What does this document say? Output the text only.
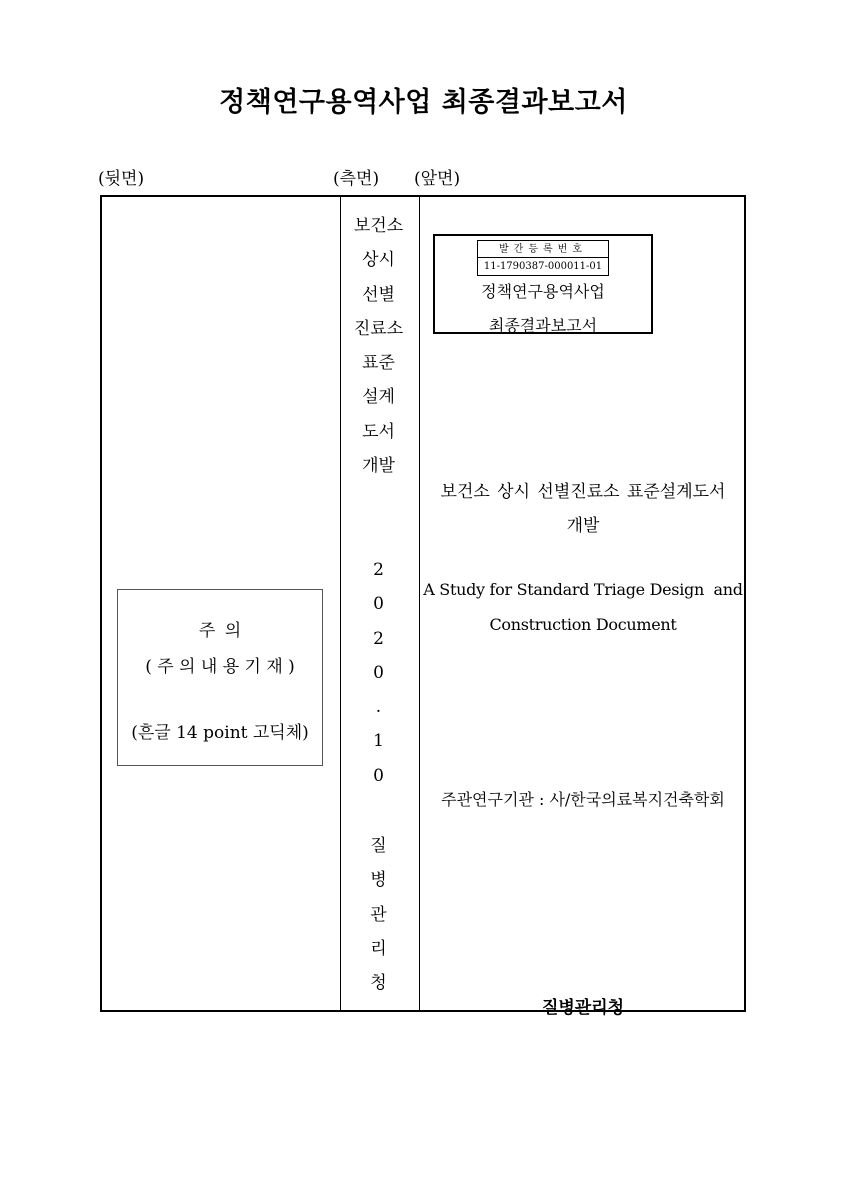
정책연구용역사업 최종결과보고서
(뒷면)	(측면) (앞면)
주 의
( 주 의 내 용 기 재 )
(흔글 14 point 고딕체)
보건소
상시
선별
진료소
표준
설계
도서
개발
2
0
2
0
.
1
0
질
병
관
리
청
발간등록번호
11-1790387-000011-01
정책연구용역사업
최종결과보고서
보건소 상시 선별진료소 표준설계도서
개발
A Study for Standard Triage Design  and
Construction Document
주관연구기관 : 사/한국의료복지건축학회
질병관리청
